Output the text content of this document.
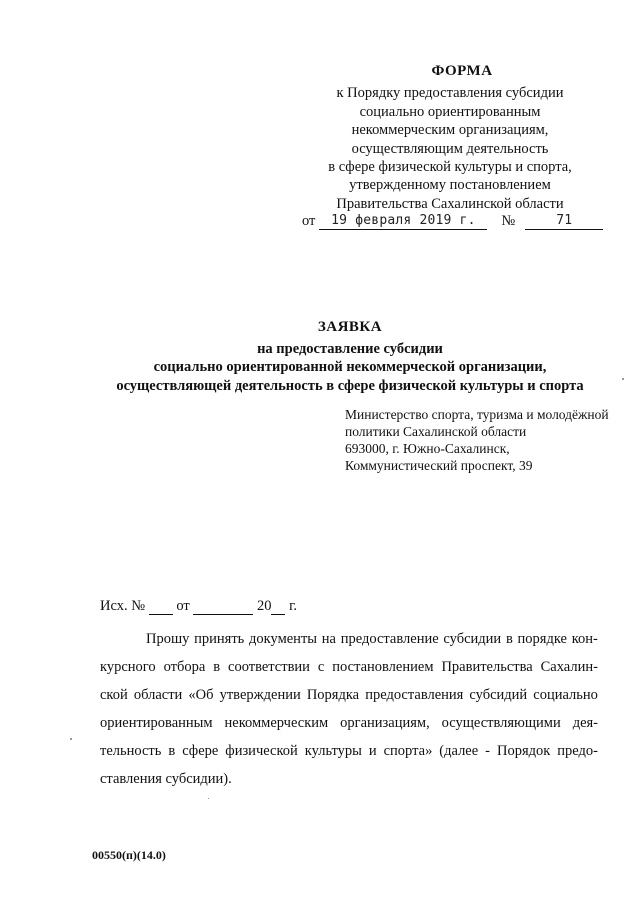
ФОРМА
к Порядку предоставления субсидии
социально ориентированным
некоммерческим организациям,
осуществляющим деятельность
в сфере физической культуры и спорта,
утвержденному постановлением
Правительства Сахалинской области
от 19 февраля 2019 г. №	71
ЗАЯВКА
на предоставление субсидии
социально ориентированной некоммерческой организации,
осуществляющей деятельность в сфере физической культуры и спорта
Министерство спорта, туризма и молодёжной
политики Сахалинской области
693000, г. Южно-Сахалинск,
Коммунистический проспект, 39
Исх. № от	20 г.
Прошу принять документы на предоставление субсидии в порядке кон-
курсного отбора в соответствии с постановлением Правительства Сахалин-
ской области «Об утверждении Порядка предоставления субсидий социально
ориентированным некоммерческим организациям, осуществляющими дея-
тельность в сфере физической культуры и спорта» (далее - Порядок предо-
ставления субсидии).
00550(п)(14.0)
